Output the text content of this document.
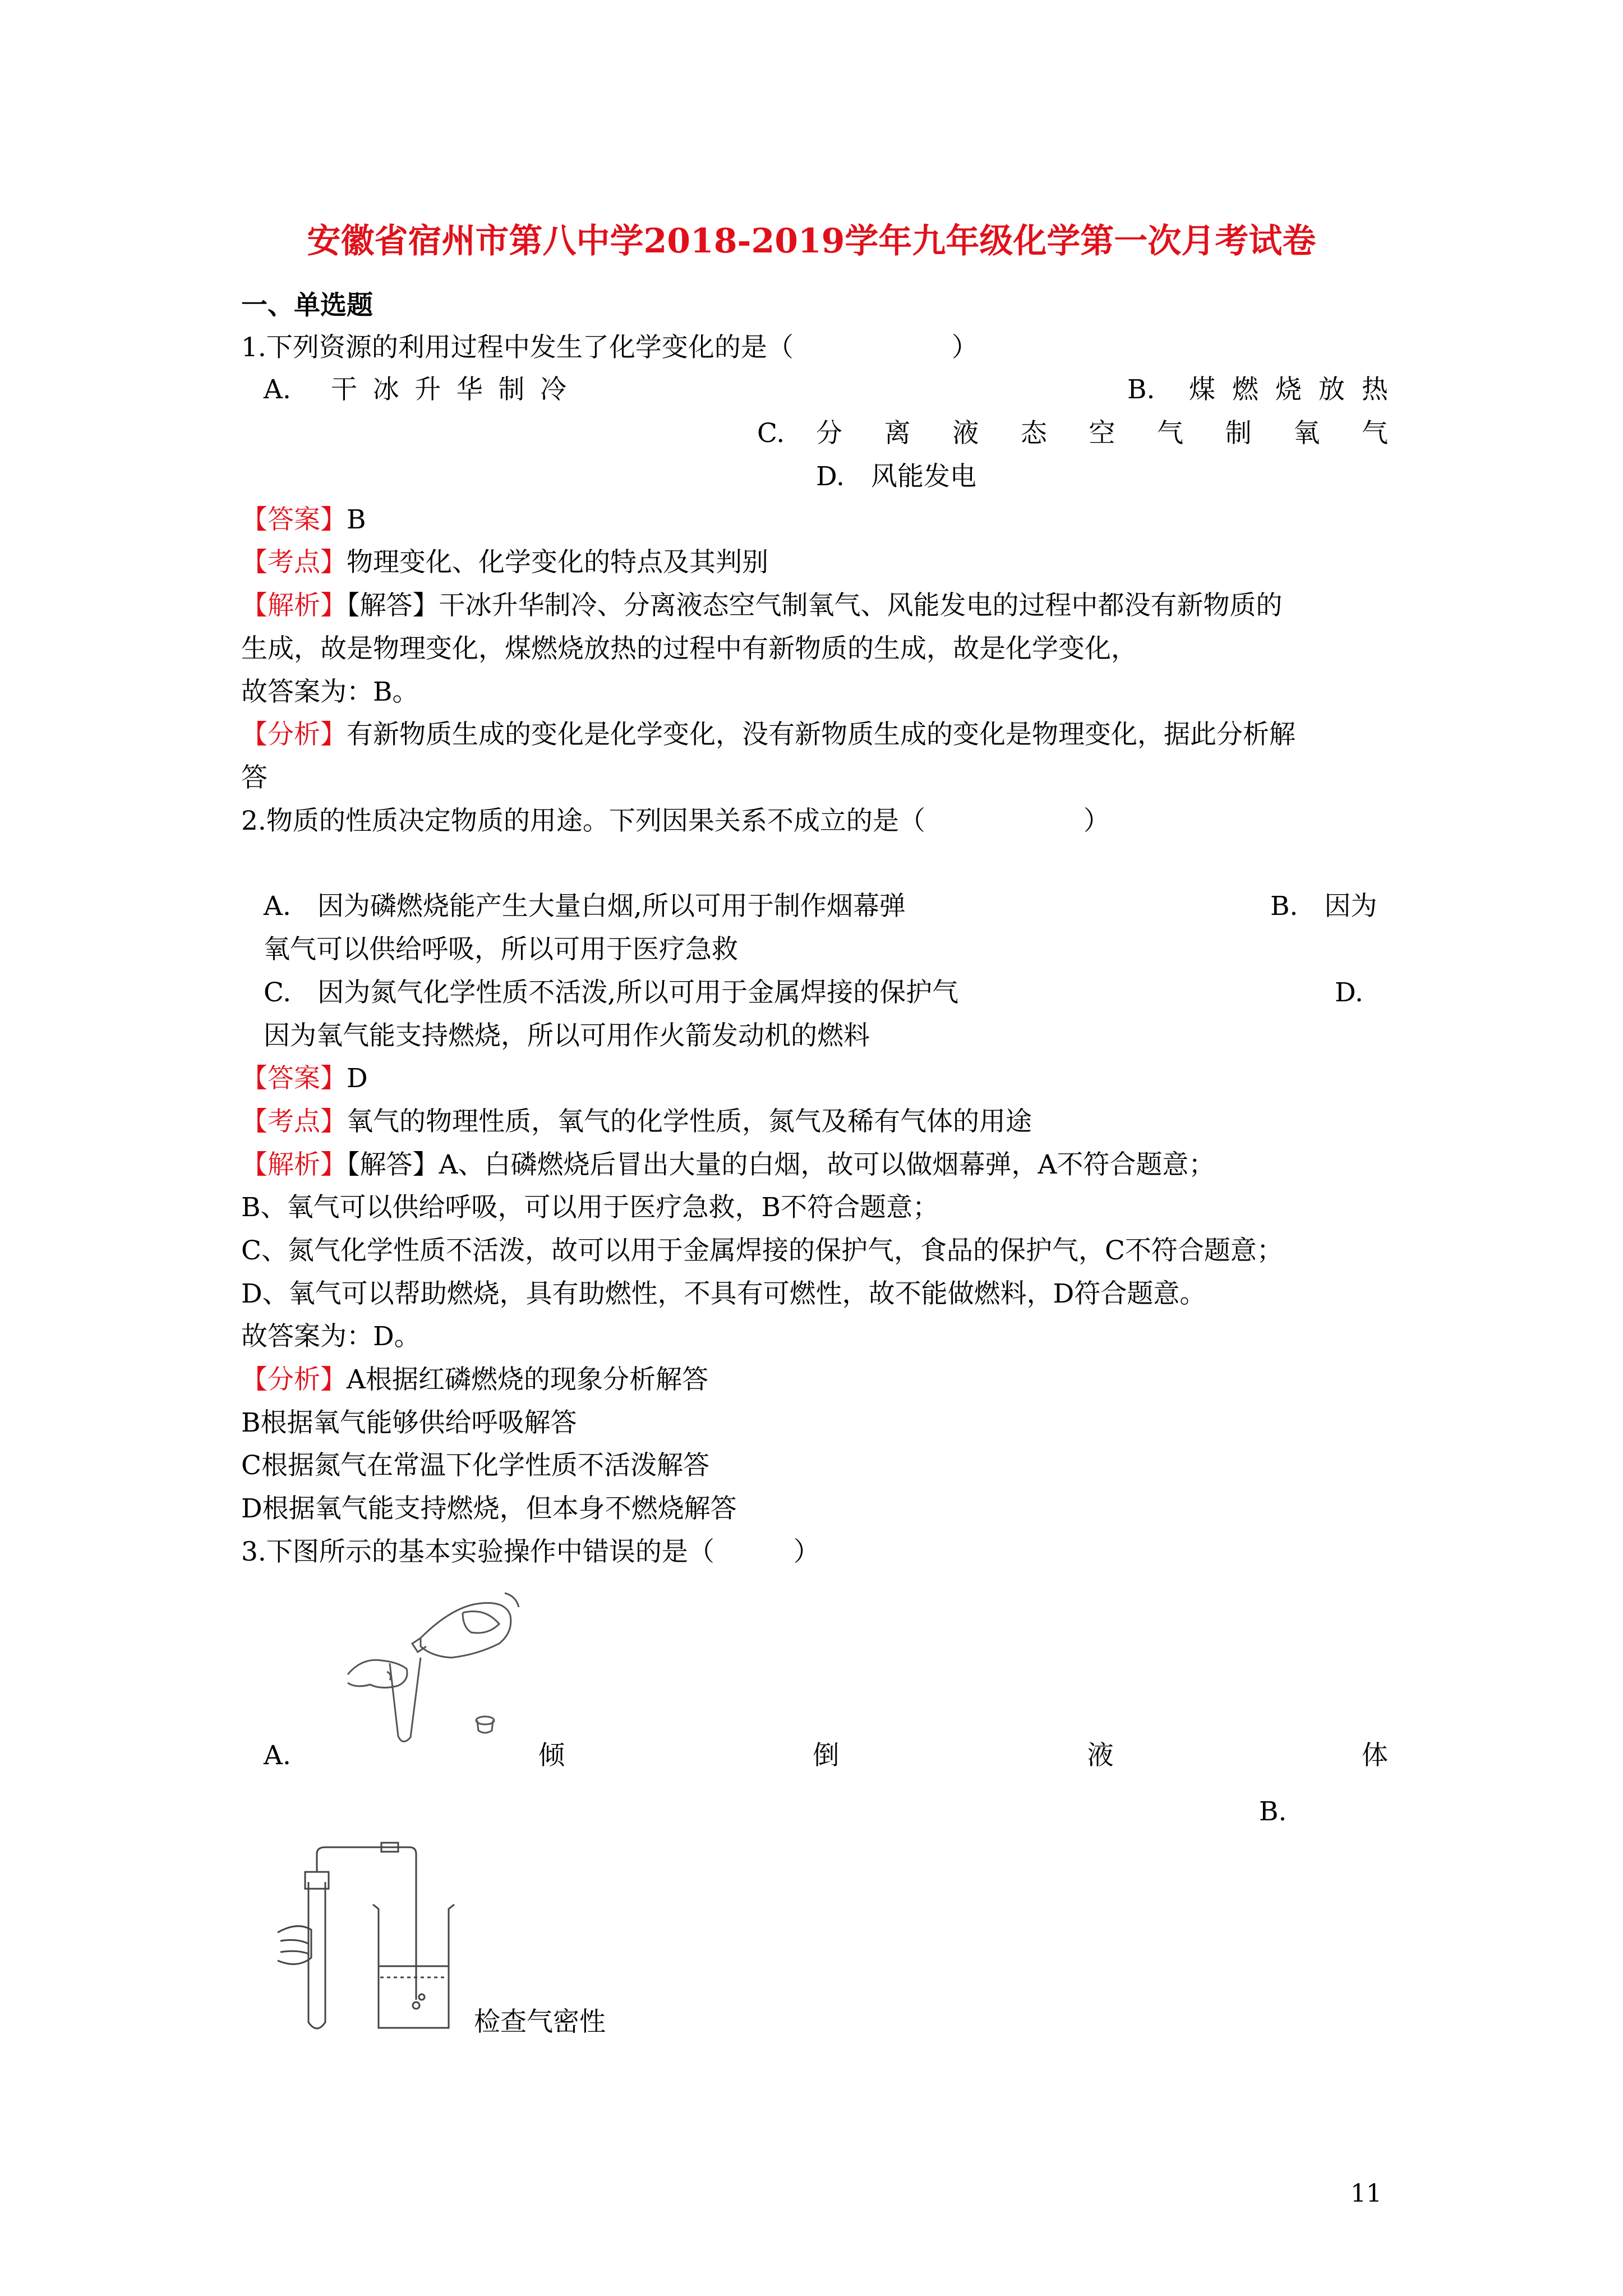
安徽省宿州市第八中学2018-2019学年九年级化学第一次月考试卷
一、单选题
1.下列资源的利用过程中发生了化学变化的是（　　　　　　）
A. 干 冰 升 华 制 冷	B. 煤 燃 烧 放 热
C. 分 离 液 态 空 气 制 氧 气
D.　风能发电
【答案】B
【考点】物理变化、化学变化的特点及其判别
【解析】【解答】干冰升华制冷、分离液态空气制氧气、风能发电的过程中都没有新物质的
生成，故是物理变化，煤燃烧放热的过程中有新物质的生成，故是化学变化，
故答案为：B。
【分析】有新物质生成的变化是化学变化，没有新物质生成的变化是物理变化，据此分析解
答
2.物质的性质决定物质的用途。下列因果关系不成立的是（　　　　　　）
A.　因为磷燃烧能产生大量白烟,所以可用于制作烟幕弹	B.　因为
氧气可以供给呼吸，所以可用于医疗急救
C.　因为氮气化学性质不活泼,所以可用于金属焊接的保护气	D.
因为氧气能支持燃烧，所以可用作火箭发动机的燃料
【答案】D
【考点】氧气的物理性质，氧气的化学性质，氮气及稀有气体的用途
【解析】【解答】A、白磷燃烧后冒出大量的白烟，故可以做烟幕弹，A不符合题意；
B、氧气可以供给呼吸，可以用于医疗急救，B不符合题意；
C、氮气化学性质不活泼，故可以用于金属焊接的保护气，食品的保护气，C不符合题意；
D、氧气可以帮助燃烧，具有助燃性，不具有可燃性，故不能做燃料，D符合题意。
故答案为：D。
【分析】A根据红磷燃烧的现象分析解答
B根据氧气能够供给呼吸解答
C根据氮气在常温下化学性质不活泼解答
D根据氧气能支持燃烧，但本身不燃烧解答
3.下图所示的基本实验操作中错误的是（　　　）
A.	倾	倒	液	体
B.
检查气密性
11
